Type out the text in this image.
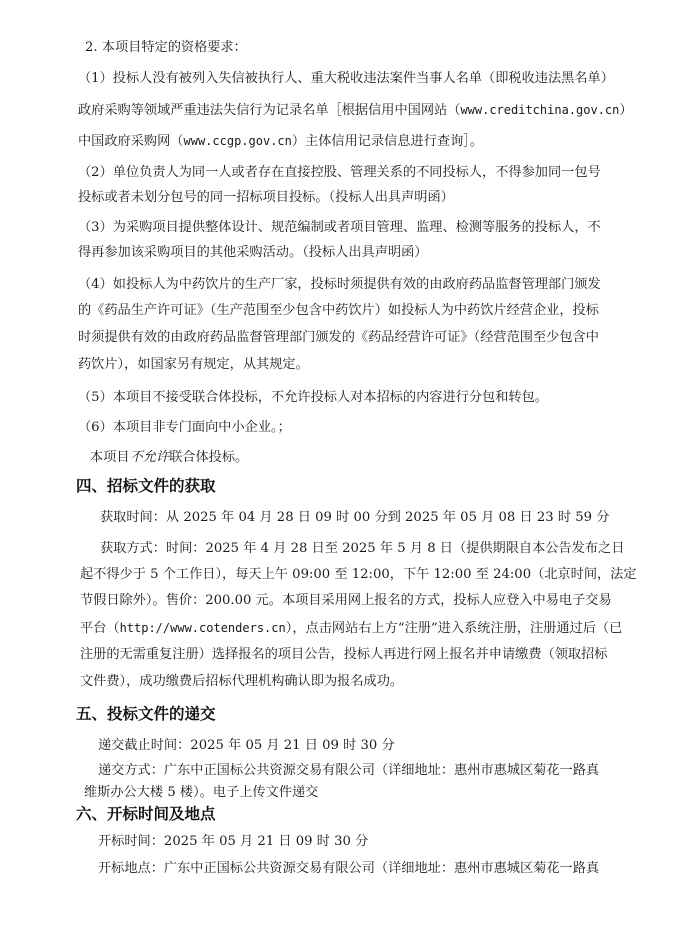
2. 本项目特定的资格要求：
（1）投标人没有被列入失信被执行人、重大税收违法案件当事人名单（即税收违法黑名单）
政府采购等领域严重违法失信行为记录名单［根据信用中国网站（www.creditchina.gov.cn）
中国政府采购网（www.ccgp.gov.cn）主体信用记录信息进行查询］。
（2）单位负责人为同一人或者存在直接控股、管理关系的不同投标人，不得参加同一包号
投标或者未划分包号的同一招标项目投标。（投标人出具声明函）
（3）为采购项目提供整体设计、规范编制或者项目管理、监理、检测等服务的投标人，不
得再参加该采购项目的其他采购活动。（投标人出具声明函）
（4）如投标人为中药饮片的生产厂家，投标时须提供有效的由政府药品监督管理部门颁发
的《药品生产许可证》（生产范围至少包含中药饮片）如投标人为中药饮片经营企业，投标
时须提供有效的由政府药品监督管理部门颁发的《药品经营许可证》（经营范围至少包含中
药饮片），如国家另有规定，从其规定。
（5）本项目不接受联合体投标，不允许投标人对本招标的内容进行分包和转包。
（6）本项目非专门面向中小企业。；
本项目不允许联合体投标。
四、招标文件的获取
获取时间：从 2025 年 04 月 28 日 09 时 00 分到 2025 年 05 月 08 日 23 时 59 分
获取方式：时间：2025 年 4 月 28 日至 2025 年 5 月 8 日（提供期限自本公告发布之日
起不得少于 5 个工作日），每天上午 09:00 至 12:00，下午 12:00 至 24:00（北京时间，法定
节假日除外）。售价：200.00 元。本项目采用网上报名的方式，投标人应登入中易电子交易
平台（http://www.cotenders.cn），点击网站右上方“注册”进入系统注册，注册通过后（已
注册的无需重复注册）选择报名的项目公告，投标人再进行网上报名并申请缴费（领取招标
文件费），成功缴费后招标代理机构确认即为报名成功。
五、投标文件的递交
递交截止时间：2025 年 05 月 21 日 09 时 30 分
递交方式：广东中正国标公共资源交易有限公司（详细地址：惠州市惠城区菊花一路真
维斯办公大楼 5 楼）。电子上传文件递交
六、开标时间及地点
开标时间：2025 年 05 月 21 日 09 时 30 分
开标地点：广东中正国标公共资源交易有限公司（详细地址：惠州市惠城区菊花一路真
